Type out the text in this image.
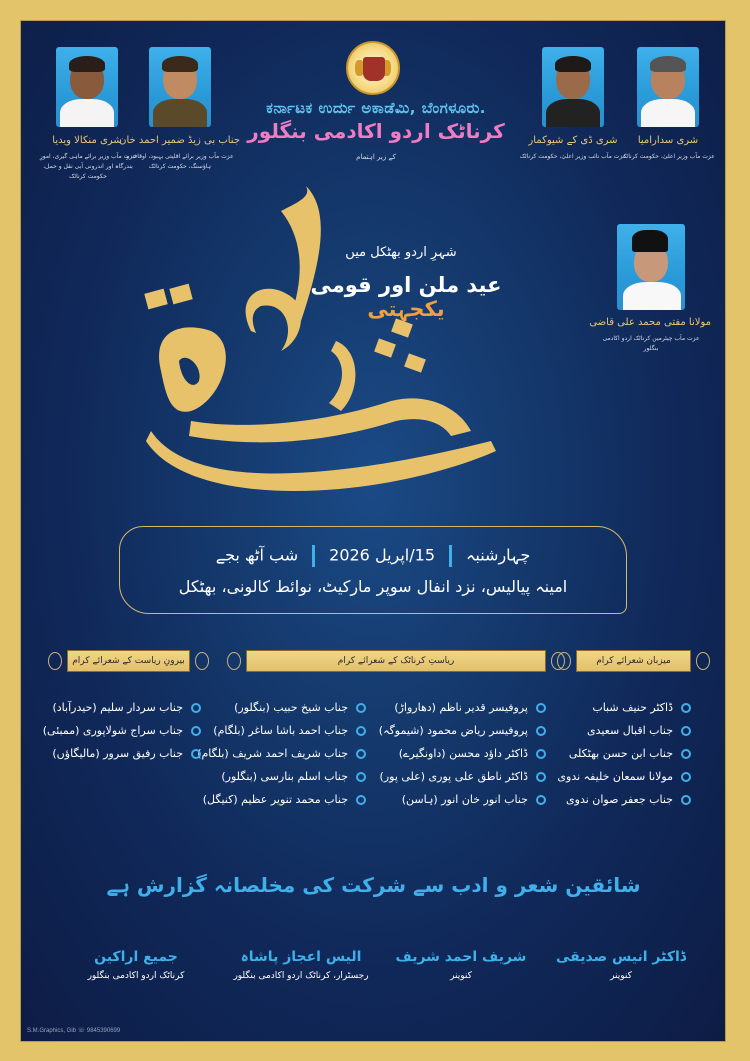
شری منکالا ویدیا
عزت مآب وزیر برائے ماہی گیری، امورِ بندرگاہ اور اندرونی آبی نقل و حمل، حکومت کرناٹک
جناب بی زیڈ ضمیر احمد خان
عزت مآب وزیر برائے اقلیتی بہبود، اوقاف و ہاؤسنگ، حکومت کرناٹک
ಕರ್ನಾಟಕ ಉರ್ದು ಅಕಾಡೆಮಿ, ಬೆಂಗಳೂರು.
کرناٹک اردو اکادمی بنگلور
کے زیر اہتمام
شری ڈی کے شیوکمار
عزت مآب نائب وزیر اعلیٰ، حکومت کرناٹک
شری سدارامیا
عزت مآب وزیر اعلیٰ، حکومت کرناٹک
مولانا مفتی محمد علی قاضی
عزت مآب چیئرمین کرناٹک اردو اکادمی بنگلور
شہرِ اردو بھٹکل میں
عید ملن اور قومی یکجہتی
چہارشنبہ15/اپریل 2026شب آٹھ بجے
امینہ پیالیس، نزد انفال سوپر مارکیٹ، نوائط کالونی، بھٹکل
میزبان شعرائے کرام
ریاستِ کرناٹک کے شعرائے کرام
بیرونِ ریاست کے شعرائے کرام
ڈاکٹر حنیف شباب
جناب اقبال سعیدی
جناب ابن حسن بھٹکلی
مولانا سمعان خلیفہ ندوی
جناب جعفر صوان ندوی
پروفیسر قدیر ناظم (دھارواڑ)
پروفیسر ریاض محمود (شیموگہ)
ڈاکٹر داؤد محسن (داونگیرے)
ڈاکٹر ناطق علی پوری (علی پور)
جناب انور خان انور (ہاسن)
جناب شیخ حبیب (بنگلور)
جناب احمد باشا ساغر (بلگام)
جناب شریف احمد شریف (بلگام)
جناب اسلم بنارسی (بنگلور)
جناب محمد تنویر عظیم (کنیگل)
جناب سردار سلیم (حیدرآباد)
جناب سراج شولاپوری (ممبئی)
جناب رفیق سرور (مالیگاؤں)
شائقین شعر و ادب سے شرکت کی مخلصانہ گزارش ہے
ڈاکٹر انیس صدیقی
کنوینر
شریف احمد شریف
کنوینر
الیس اعجاز پاشاہ
رجسٹرار، کرناٹک اردو اکادمی بنگلور
جمیع اراکین
کرناٹک اردو اکادمی بنگلور
S.M.Graphics, Gib ☏ 9845390699
